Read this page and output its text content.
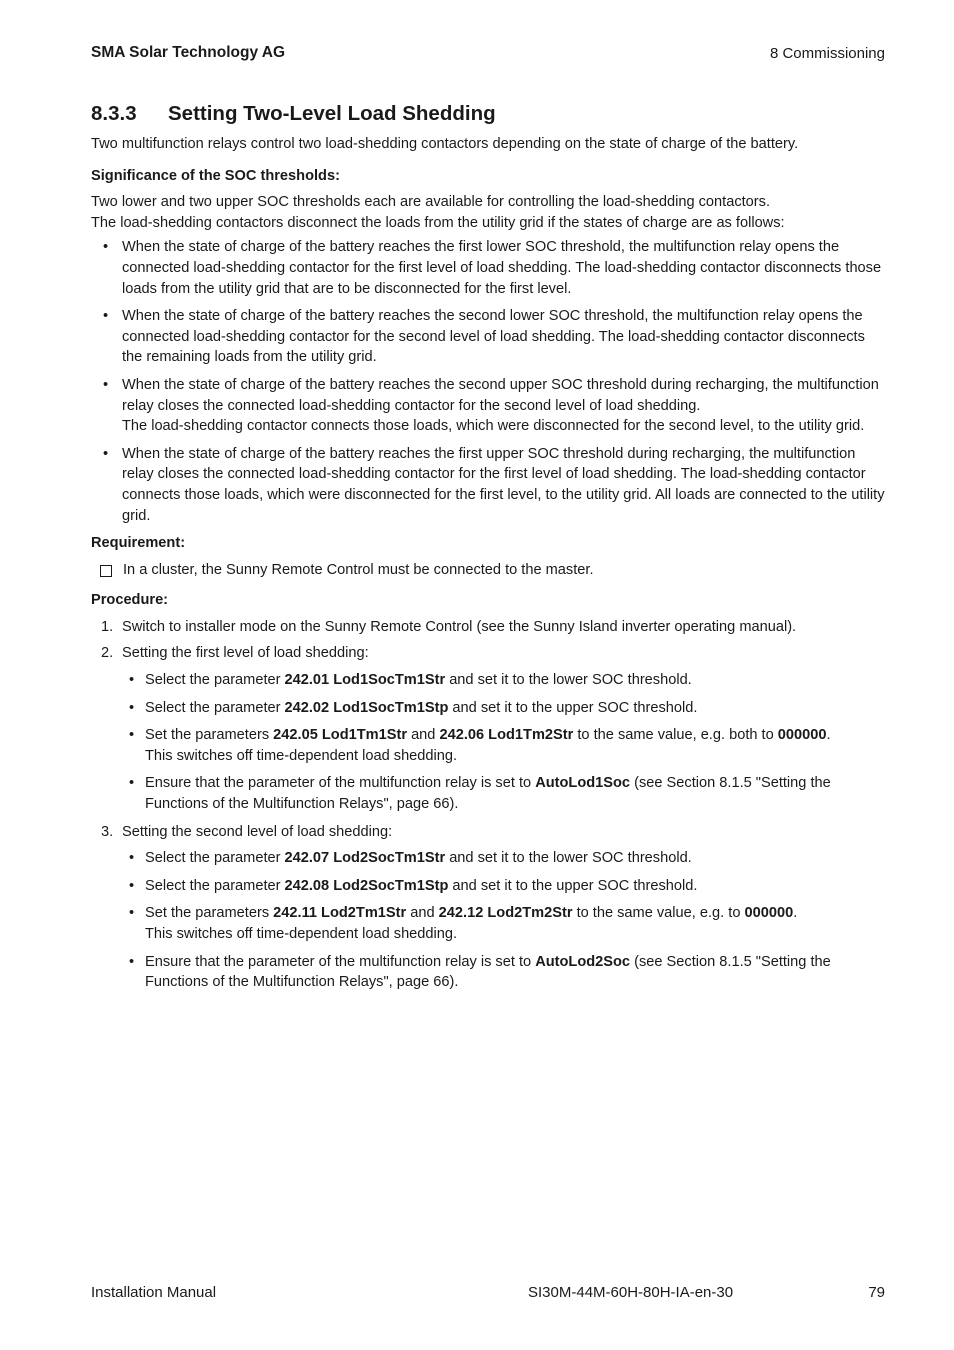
SMA Solar Technology AG	8 Commissioning
8.3.3	Setting Two-Level Load Shedding

Two multifunction relays control two load-shedding contactors depending on the state of charge of the battery.

Significance of the SOC thresholds:

Two lower and two upper SOC thresholds each are available for controlling the load-shedding contactors.

The load-shedding contactors disconnect the loads from the utility grid if the states of charge are as follows:

• When the state of charge of the battery reaches the first lower SOC threshold, the multifunction relay opens the connected load-shedding contactor for the first level of load shedding. The load-shedding contactor disconnects those loads from the utility grid that are to be disconnected for the first level.
• When the state of charge of the battery reaches the second lower SOC threshold, the multifunction relay opens the connected load-shedding contactor for the second level of load shedding. The load-shedding contactor disconnects the remaining loads from the utility grid.
• When the state of charge of the battery reaches the second upper SOC threshold during recharging, the multifunction relay closes the connected load-shedding contactor for the second level of load shedding.
The load-shedding contactor connects those loads, which were disconnected for the second level, to the utility grid.
• When the state of charge of the battery reaches the first upper SOC threshold during recharging, the multifunction relay closes the connected load-shedding contactor for the first level of load shedding. The load-shedding contactor connects those loads, which were disconnected for the first level, to the utility grid. All loads are connected to the utility grid.

Requirement:

In a cluster, the Sunny Remote Control must be connected to the master.

Procedure:

1. Switch to installer mode on the Sunny Remote Control (see the Sunny Island inverter operating manual).
2. Setting the first level of load shedding:
• Select the parameter 242.01 Lod1SocTm1Str and set it to the lower SOC threshold.
• Select the parameter 242.02 Lod1SocTm1Stp and set it to the upper SOC threshold.
• Set the parameters 242.05 Lod1Tm1Str and 242.06 Lod1Tm2Str to the same value, e.g. both to 000000.
This switches off time-dependent load shedding.
• Ensure that the parameter of the multifunction relay is set to AutoLod1Soc (see Section 8.1.5 "Setting the Functions of the Multifunction Relays", page 66).
3. Setting the second level of load shedding:
• Select the parameter 242.07 Lod2SocTm1Str and set it to the lower SOC threshold.
• Select the parameter 242.08 Lod2SocTm1Stp and set it to the upper SOC threshold.
• Set the parameters 242.11 Lod2Tm1Str and 242.12 Lod2Tm2Str to the same value, e.g. to 000000.
This switches off time-dependent load shedding.
• Ensure that the parameter of the multifunction relay is set to AutoLod2Soc (see Section 8.1.5 "Setting the Functions of the Multifunction Relays", page 66).
Installation Manual	SI30M-44M-60H-80H-IA-en-30	79
